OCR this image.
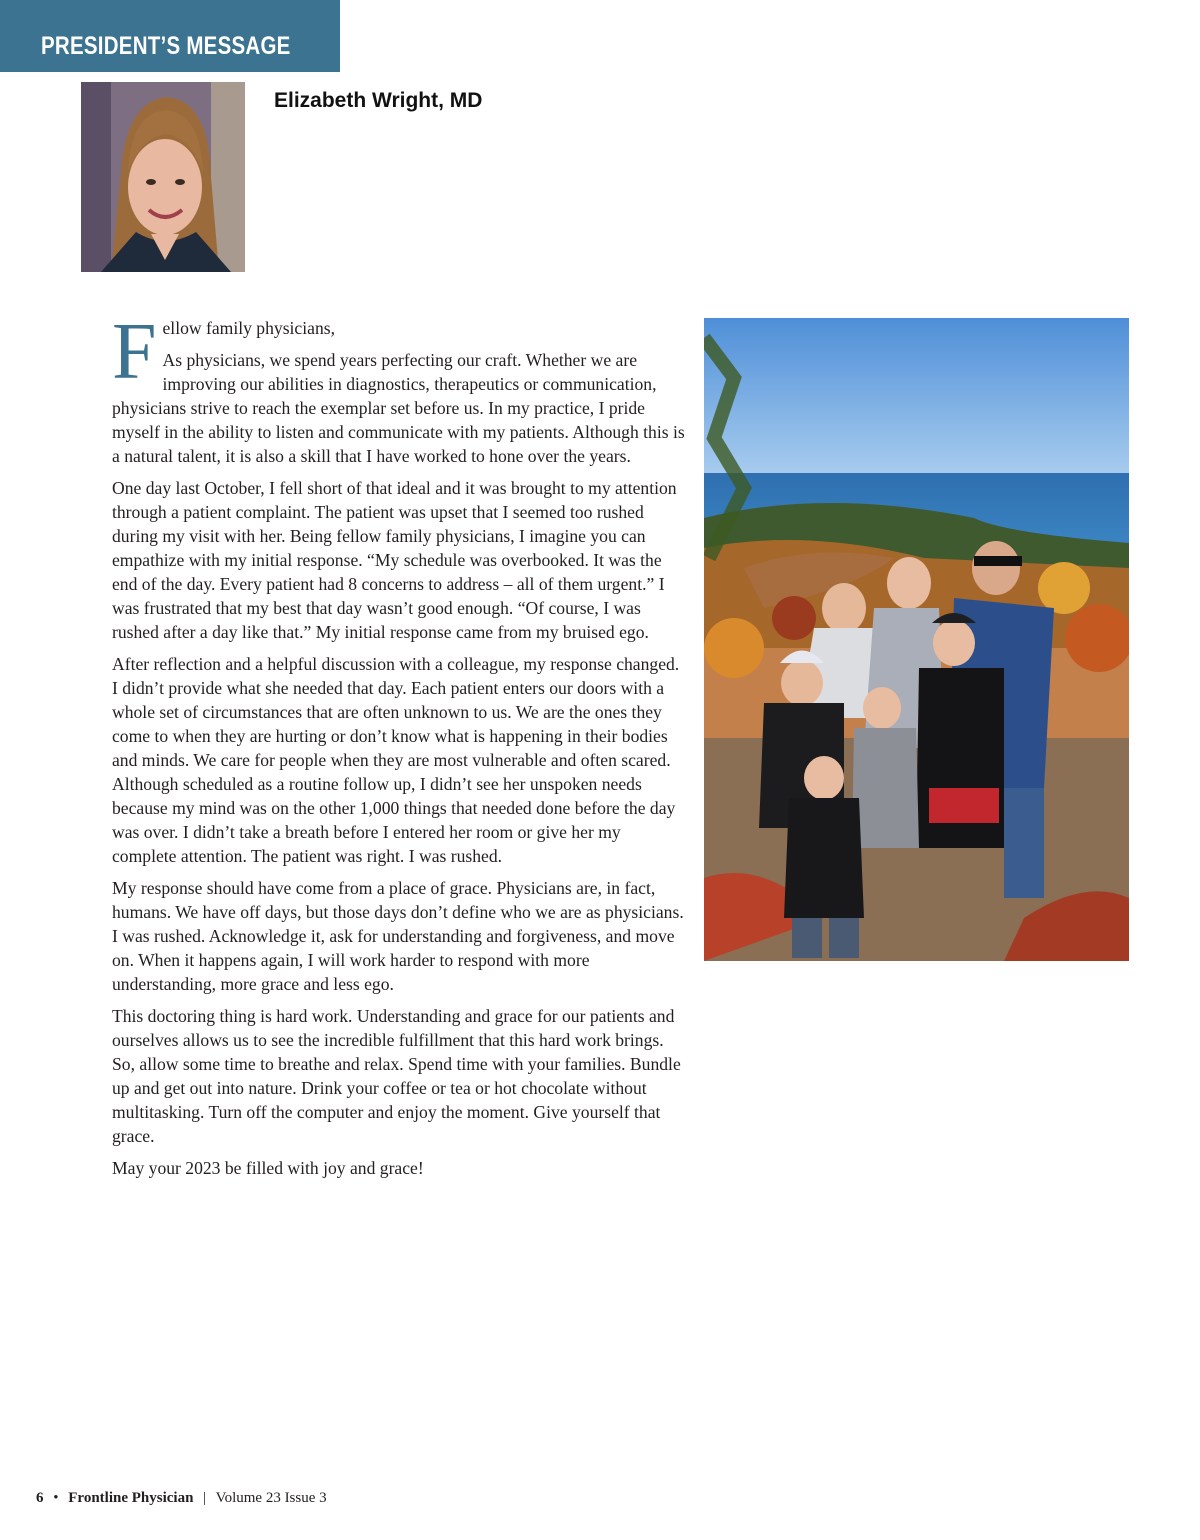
PRESIDENT’S MESSAGE
Elizabeth Wright, MD

Fellow family physicians,

As physicians, we spend years perfecting our craft. Whether we are improving our abilities in diagnostics, therapeutics or communication, physicians strive to reach the exemplar set before us. In my practice, I pride myself in the ability to listen and communicate with my patients. Although this is a natural talent, it is also a skill that I have worked to hone over the years.

One day last October, I fell short of that ideal and it was brought to my attention through a patient complaint. The patient was upset that I seemed too rushed during my visit with her. Being fellow family physicians, I imagine you can empathize with my initial response. “My schedule was overbooked. It was the end of the day. Every patient had 8 concerns to address – all of them urgent.” I was frustrated that my best that day wasn’t good enough. “Of course, I was rushed after a day like that.” My initial response came from my bruised ego.

After reflection and a helpful discussion with a colleague, my response changed. I didn’t provide what she needed that day. Each patient enters our doors with a whole set of circumstances that are often unknown to us. We are the ones they come to when they are hurting or don’t know what is happening in their bodies and minds. We care for people when they are most vulnerable and often scared. Although scheduled as a routine follow up, I didn’t see her unspoken needs because my mind was on the other 1,000 things that needed done before the day was over. I didn’t take a breath before I entered her room or give her my complete attention. The patient was right. I was rushed.

My response should have come from a place of grace. Physicians are, in fact, humans. We have off days, but those days don’t define who we are as physicians. I was rushed. Acknowledge it, ask for understanding and forgiveness, and move on. When it happens again, I will work harder to respond with more understanding, more grace and less ego.

This doctoring thing is hard work. Understanding and grace for our patients and ourselves allows us to see the incredible fulfillment that this hard work brings. So, allow some time to breathe and relax. Spend time with your families. Bundle up and get out into nature. Drink your coffee or tea or hot chocolate without multitasking. Turn off the computer and enjoy the moment. Give yourself that grace.

May your 2023 be filled with joy and grace!

6 • Frontline Physician | Volume 23 Issue 3
